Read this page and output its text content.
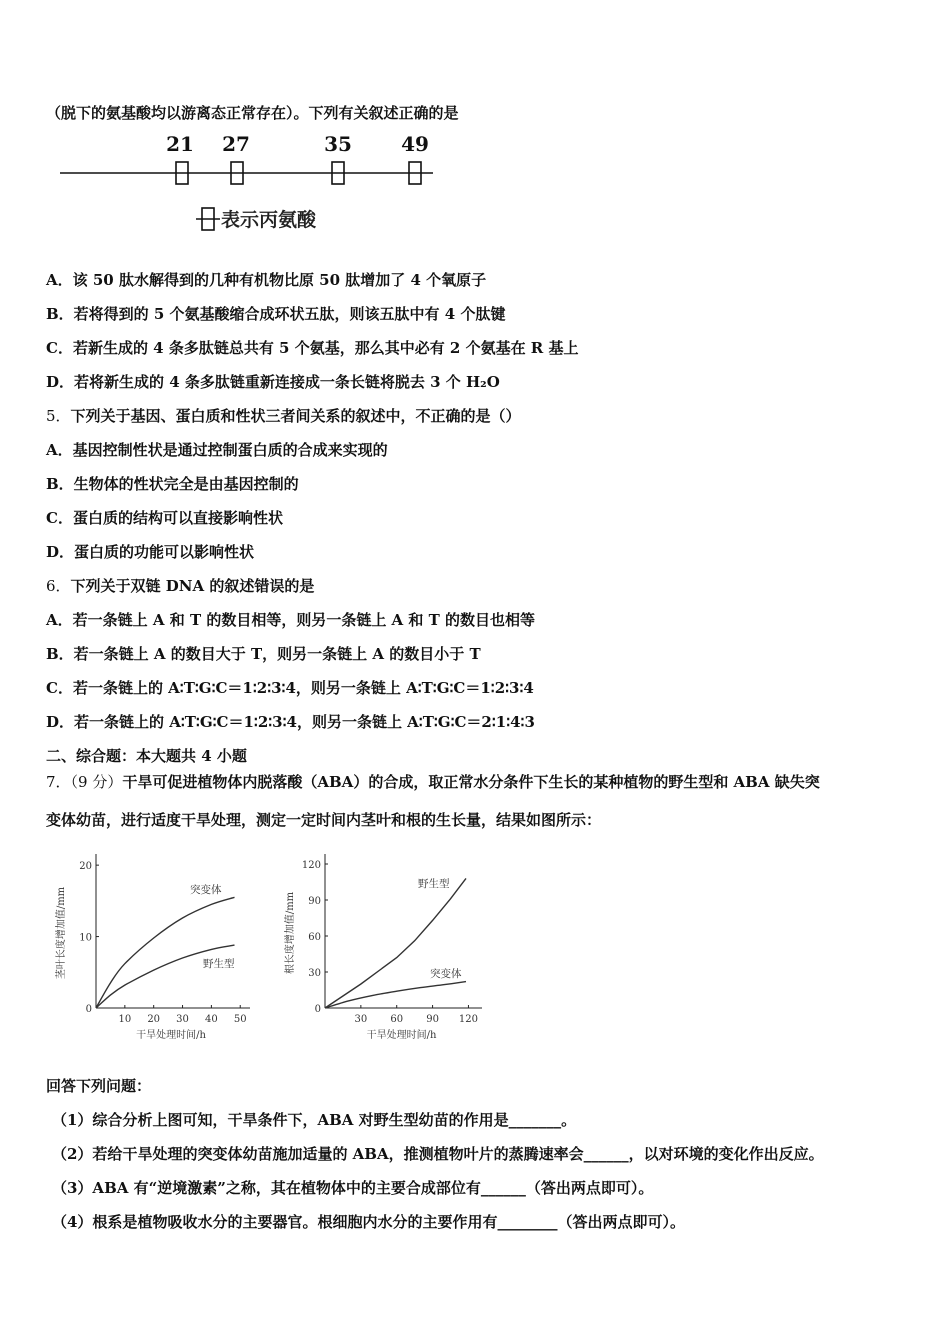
（脱下的氨基酸均以游离态正常存在）。下列有关叙述正确的是
21 27	35 49
表示丙氨酸
A．该 50 肽水解得到的几种有机物比原 50 肽增加了 4 个氧原子
B．若将得到的 5 个氨基酸缩合成环状五肽，则该五肽中有 4 个肽键
C．若新生成的 4 条多肽链总共有 5 个氨基，那么其中必有 2 个氨基在 R 基上
D．若将新生成的 4 条多肽链重新连接成一条长链将脱去 3 个 H₂O
5．下列关于基因、蛋白质和性状三者间关系的叙述中，不正确的是（）
A．基因控制性状是通过控制蛋白质的合成来实现的
B．生物体的性状完全是由基因控制的
C．蛋白质的结构可以直接影响性状
D．蛋白质的功能可以影响性状
6．下列关于双链 DNA 的叙述错误的是
A．若一条链上 A 和 T 的数目相等，则另一条链上 A 和 T 的数目也相等
B．若一条链上 A 的数目大于 T，则另一条链上 A 的数目小于 T
C．若一条链上的 A∶T∶G∶C＝1∶2∶3∶4，则另一条链上 A∶T∶G∶C＝1∶2∶3∶4
D．若一条链上的 A∶T∶G∶C＝1∶2∶3∶4，则另一条链上 A∶T∶G∶C＝2∶1∶4∶3
二、综合题：本大题共 4 小题
7．（9 分）干旱可促进植物体内脱落酸（ABA）的合成，取正常水分条件下生长的某种植物的野生型和 ABA 缺失突
变体幼苗，进行适度干旱处理，测定一定时间内茎叶和根的生长量，结果如图所示：
0
10 20 30 40 50
10
20
干旱处理时间/h
茎叶长度增加值/mm	突变体
野生型
0
30 60 90 120
30
60
90
120
干旱处理时间/h
根长度增加值/mm
野生型
突变体
回答下列问题：
（1）综合分析上图可知，干旱条件下，ABA 对野生型幼苗的作用是_______。
（2）若给干旱处理的突变体幼苗施加适量的 ABA，推测植物叶片的蒸腾速率会______，以对环境的变化作出反应。
（3）ABA 有“逆境激素”之称，其在植物体中的主要合成部位有______（答出两点即可）。
（4）根系是植物吸收水分的主要器官。根细胞内水分的主要作用有________（答出两点即可）。
